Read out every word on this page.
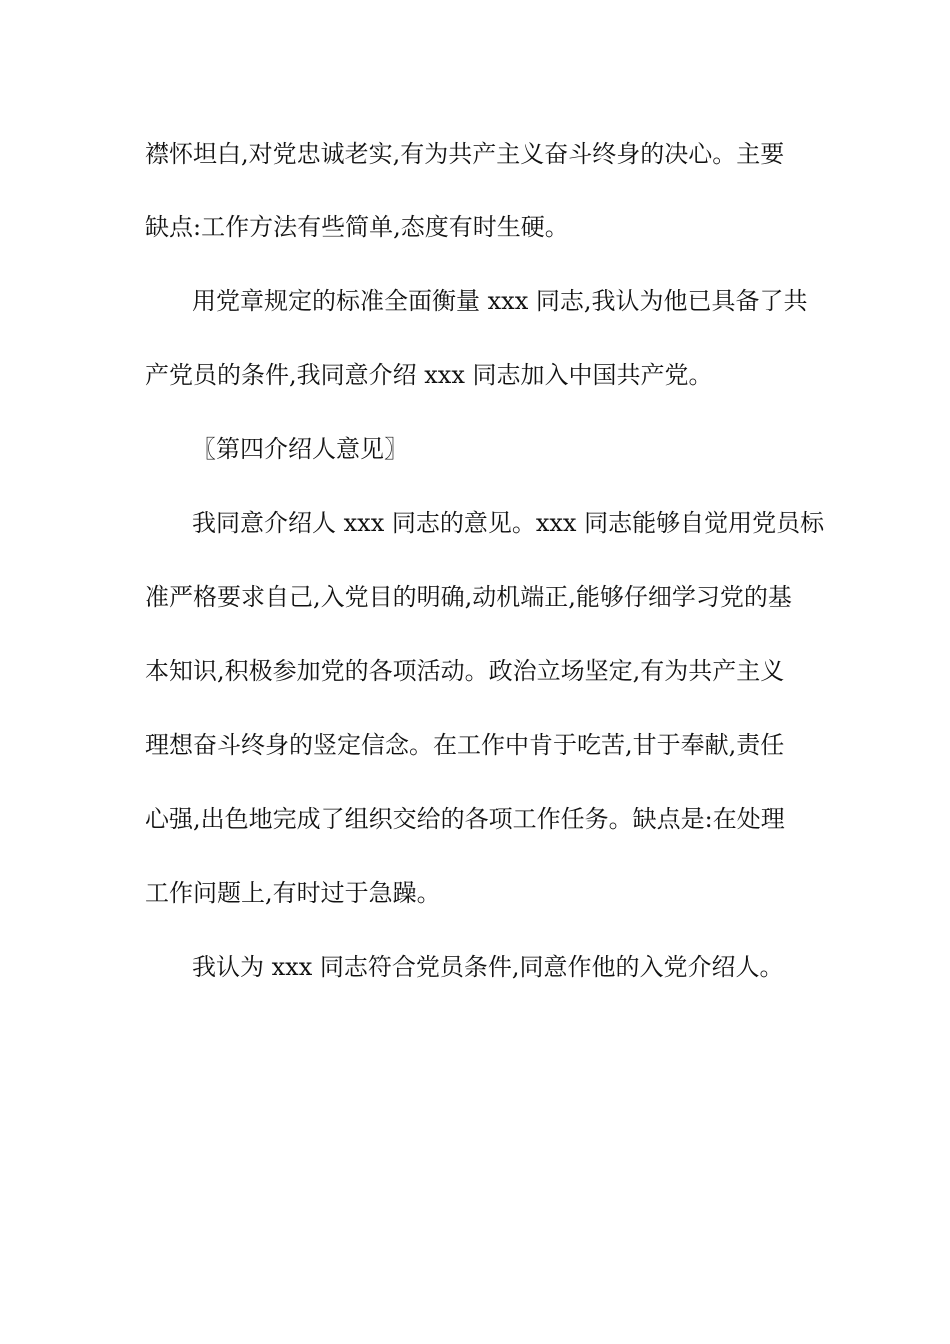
襟怀坦白,对党忠诚老实,有为共产主义奋斗终身的决心。主要

缺点:工作方法有些简单,态度有时生硬。

用党章规定的标准全面衡量 xxx 同志,我认为他已具备了共

产党员的条件,我同意介绍 xxx 同志加入中国共产党。

〖第四介绍人意见〗

我同意介绍人 xxx 同志的意见。xxx 同志能够自觉用党员标

准严格要求自己,入党目的明确,动机端正,能够仔细学习党的基

本知识,积极参加党的各项活动。政治立场坚定,有为共产主义

理想奋斗终身的竖定信念。在工作中肯于吃苦,甘于奉献,责任

心强,出色地完成了组织交给的各项工作任务。缺点是:在处理

工作问题上,有时过于急躁。

我认为 xxx 同志符合党员条件,同意作他的入党介绍人。
